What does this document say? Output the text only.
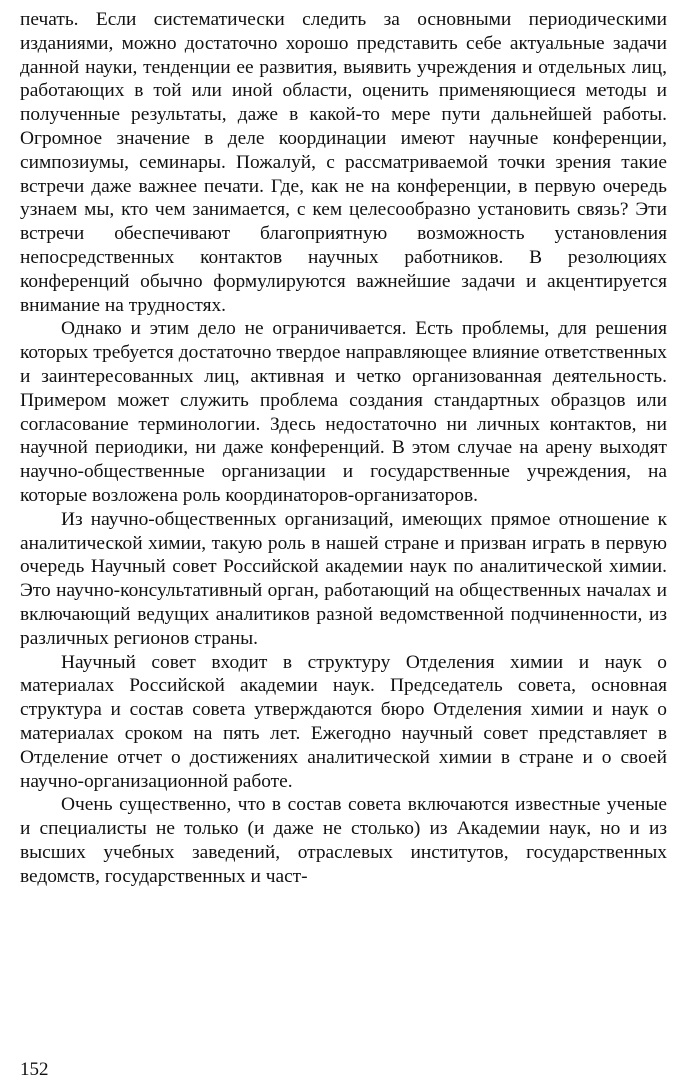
печать. Если систематически следить за основными периодическими изданиями, можно достаточно хорошо представить себе актуальные задачи данной науки, тенденции ее развития, выявить учреждения и отдельных лиц, работающих в той или иной области, оценить применяющиеся методы и полученные результаты, даже в какой-то мере пути дальнейшей работы. Огромное значение в деле координации имеют научные конференции, симпозиумы, семинары. Пожалуй, с рассматриваемой точки зрения такие встречи даже важнее печати. Где, как не на конференции, в первую очередь узнаем мы, кто чем занимается, с кем целесообразно установить связь? Эти встречи обеспечивают благоприятную возможность установления непосредственных контактов научных работников. В резолюциях конференций обычно формулируются важнейшие задачи и акцентируется внимание на трудностях.

Однако и этим дело не ограничивается. Есть проблемы, для решения которых требуется достаточно твердое направляющее влияние ответственных и заинтересованных лиц, активная и четко организованная деятельность. Примером может служить проблема создания стандартных образцов или согласование терминологии. Здесь недостаточно ни личных контактов, ни научной периодики, ни даже конференций. В этом случае на арену выходят научно-общественные организации и государственные учреждения, на которые возложена роль координаторов-организаторов.

Из научно-общественных организаций, имеющих прямое отношение к аналитической химии, такую роль в нашей стране и призван играть в первую очередь Научный совет Российской академии наук по аналитической химии. Это научно-консультативный орган, работающий на общественных началах и включающий ведущих аналитиков разной ведомственной подчиненности, из различных регионов страны.

Научный совет входит в структуру Отделения химии и наук о материалах Российской академии наук. Председатель совета, основная структура и состав совета утверждаются бюро Отделения химии и наук о материалах сроком на пять лет. Ежегодно научный совет представляет в Отделение отчет о достижениях аналитической химии в стране и о своей научно-организационной работе.

Очень существенно, что в состав совета включаются известные ученые и специалисты не только (и даже не столько) из Академии наук, но и из высших учебных заведений, отраслевых институтов, государственных ведомств, государственных и част-

152
